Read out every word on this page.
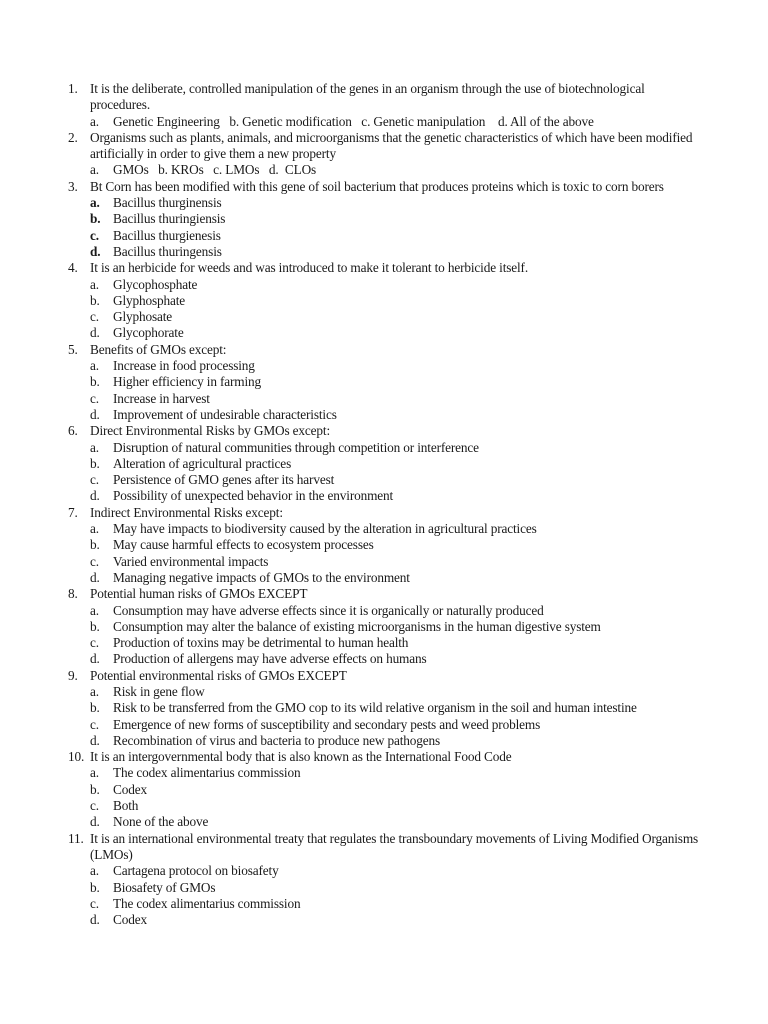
1. It is the deliberate, controlled manipulation of the genes in an organism through the use of biotechnological procedures.
a. Genetic Engineering   b. Genetic modification   c. Genetic manipulation    d. All of the above
2. Organisms such as plants, animals, and microorganisms that the genetic characteristics of which have been modified artificially in order to give them a new property
a. GMOs   b. KROs   c. LMOs   d.  CLOs
3. Bt Corn has been modified with this gene of soil bacterium that produces proteins which is toxic to corn borers
a. Bacillus thurginensis
b. Bacillus thuringiensis
c. Bacillus thurgienesis
d. Bacillus thuringensis
4. It is an herbicide for weeds and was introduced to make it tolerant to herbicide itself.
a. Glycophosphate
b. Glyphosphate
c. Glyphosate
d. Glycophorate
5. Benefits of GMOs except:
a. Increase in food processing
b. Higher efficiency in farming
c. Increase in harvest
d. Improvement of undesirable characteristics
6. Direct Environmental Risks by GMOs except:
a. Disruption of natural communities through competition or interference
b. Alteration of agricultural practices
c. Persistence of GMO genes after its harvest
d. Possibility of unexpected behavior in the environment
7. Indirect Environmental Risks except:
a. May have impacts to biodiversity caused by the alteration in agricultural practices
b. May cause harmful effects to ecosystem processes
c. Varied environmental impacts
d. Managing negative impacts of GMOs to the environment
8. Potential human risks of GMOs EXCEPT
a. Consumption may have adverse effects since it is organically or naturally produced
b. Consumption may alter the balance of existing microorganisms in the human digestive system
c. Production of toxins may be detrimental to human health
d. Production of allergens may have adverse effects on humans
9. Potential environmental risks of GMOs EXCEPT
a. Risk in gene flow
b. Risk to be transferred from the GMO cop to its wild relative organism in the soil and human intestine
c. Emergence of new forms of susceptibility and secondary pests and weed problems
d. Recombination of virus and bacteria to produce new pathogens
10. It is an intergovernmental body that is also known as the International Food Code
a. The codex alimentarius commission
b. Codex
c. Both
d. None of the above
11. It is an international environmental treaty that regulates the transboundary movements of Living Modified Organisms (LMOs)
a. Cartagena protocol on biosafety
b. Biosafety of GMOs
c. The codex alimentarius commission
d. Codex
